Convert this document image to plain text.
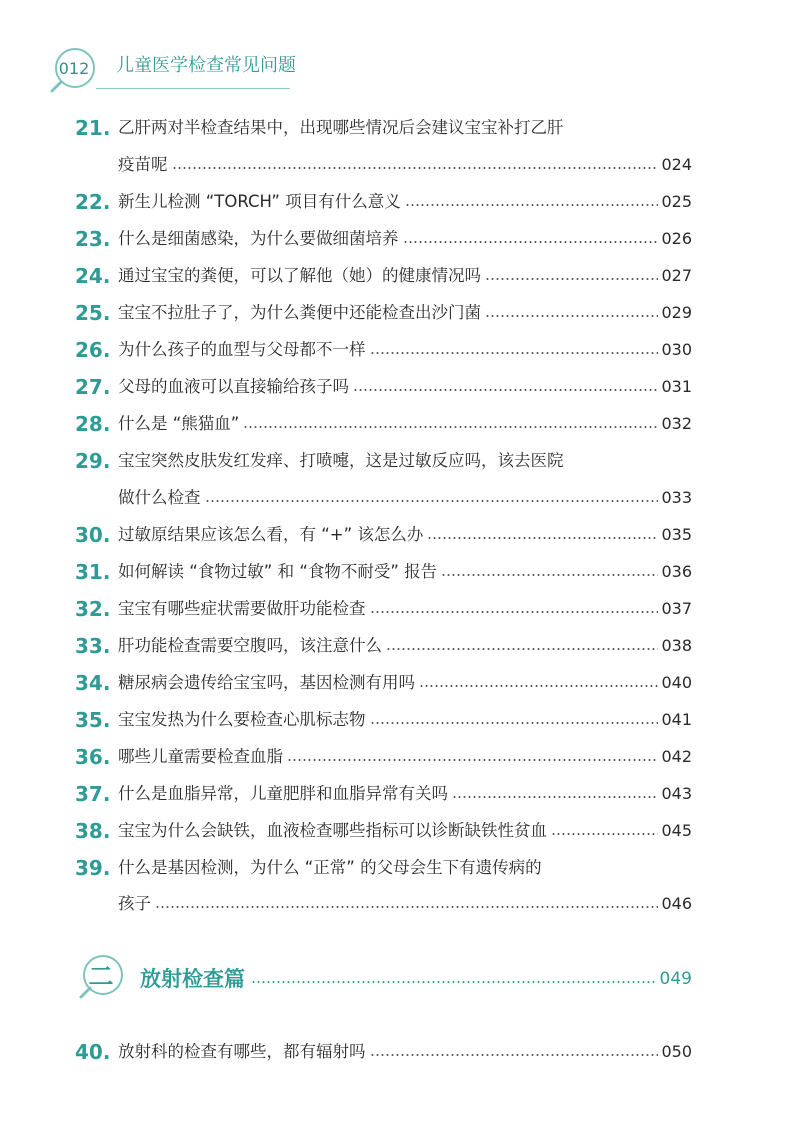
012 儿童医学检查常见问题
21. 乙肝两对半检查结果中，出现哪些情况后会建议宝宝补打乙肝
疫苗呢	024
22. 新生儿检测 “TORCH” 项目有什么意义	025
23. 什么是细菌感染，为什么要做细菌培养	026
24. 通过宝宝的粪便，可以了解他（她）的健康情况吗	027
25. 宝宝不拉肚子了，为什么粪便中还能检查出沙门菌	029
26. 为什么孩子的血型与父母都不一样	030
27. 父母的血液可以直接输给孩子吗	031
28. 什么是 “熊猫血”	032
29. 宝宝突然皮肤发红发痒、打喷嚏，这是过敏反应吗，该去医院
做什么检查	033
30. 过敏原结果应该怎么看，有 “+” 该怎么办	035
31. 如何解读 “食物过敏” 和 “食物不耐受” 报告	036
32. 宝宝有哪些症状需要做肝功能检查	037
33. 肝功能检查需要空腹吗，该注意什么	038
34. 糖尿病会遗传给宝宝吗，基因检测有用吗	040
35. 宝宝发热为什么要检查心肌标志物	041
36. 哪些儿童需要检查血脂	042
37. 什么是血脂异常，儿童肥胖和血脂异常有关吗	043
38. 宝宝为什么会缺铁，血液检查哪些指标可以诊断缺铁性贫血	045
39. 什么是基因检测，为什么 “正常” 的父母会生下有遗传病的
孩子	046
二	放射检查篇	049
40. 放射科的检查有哪些，都有辐射吗	050
